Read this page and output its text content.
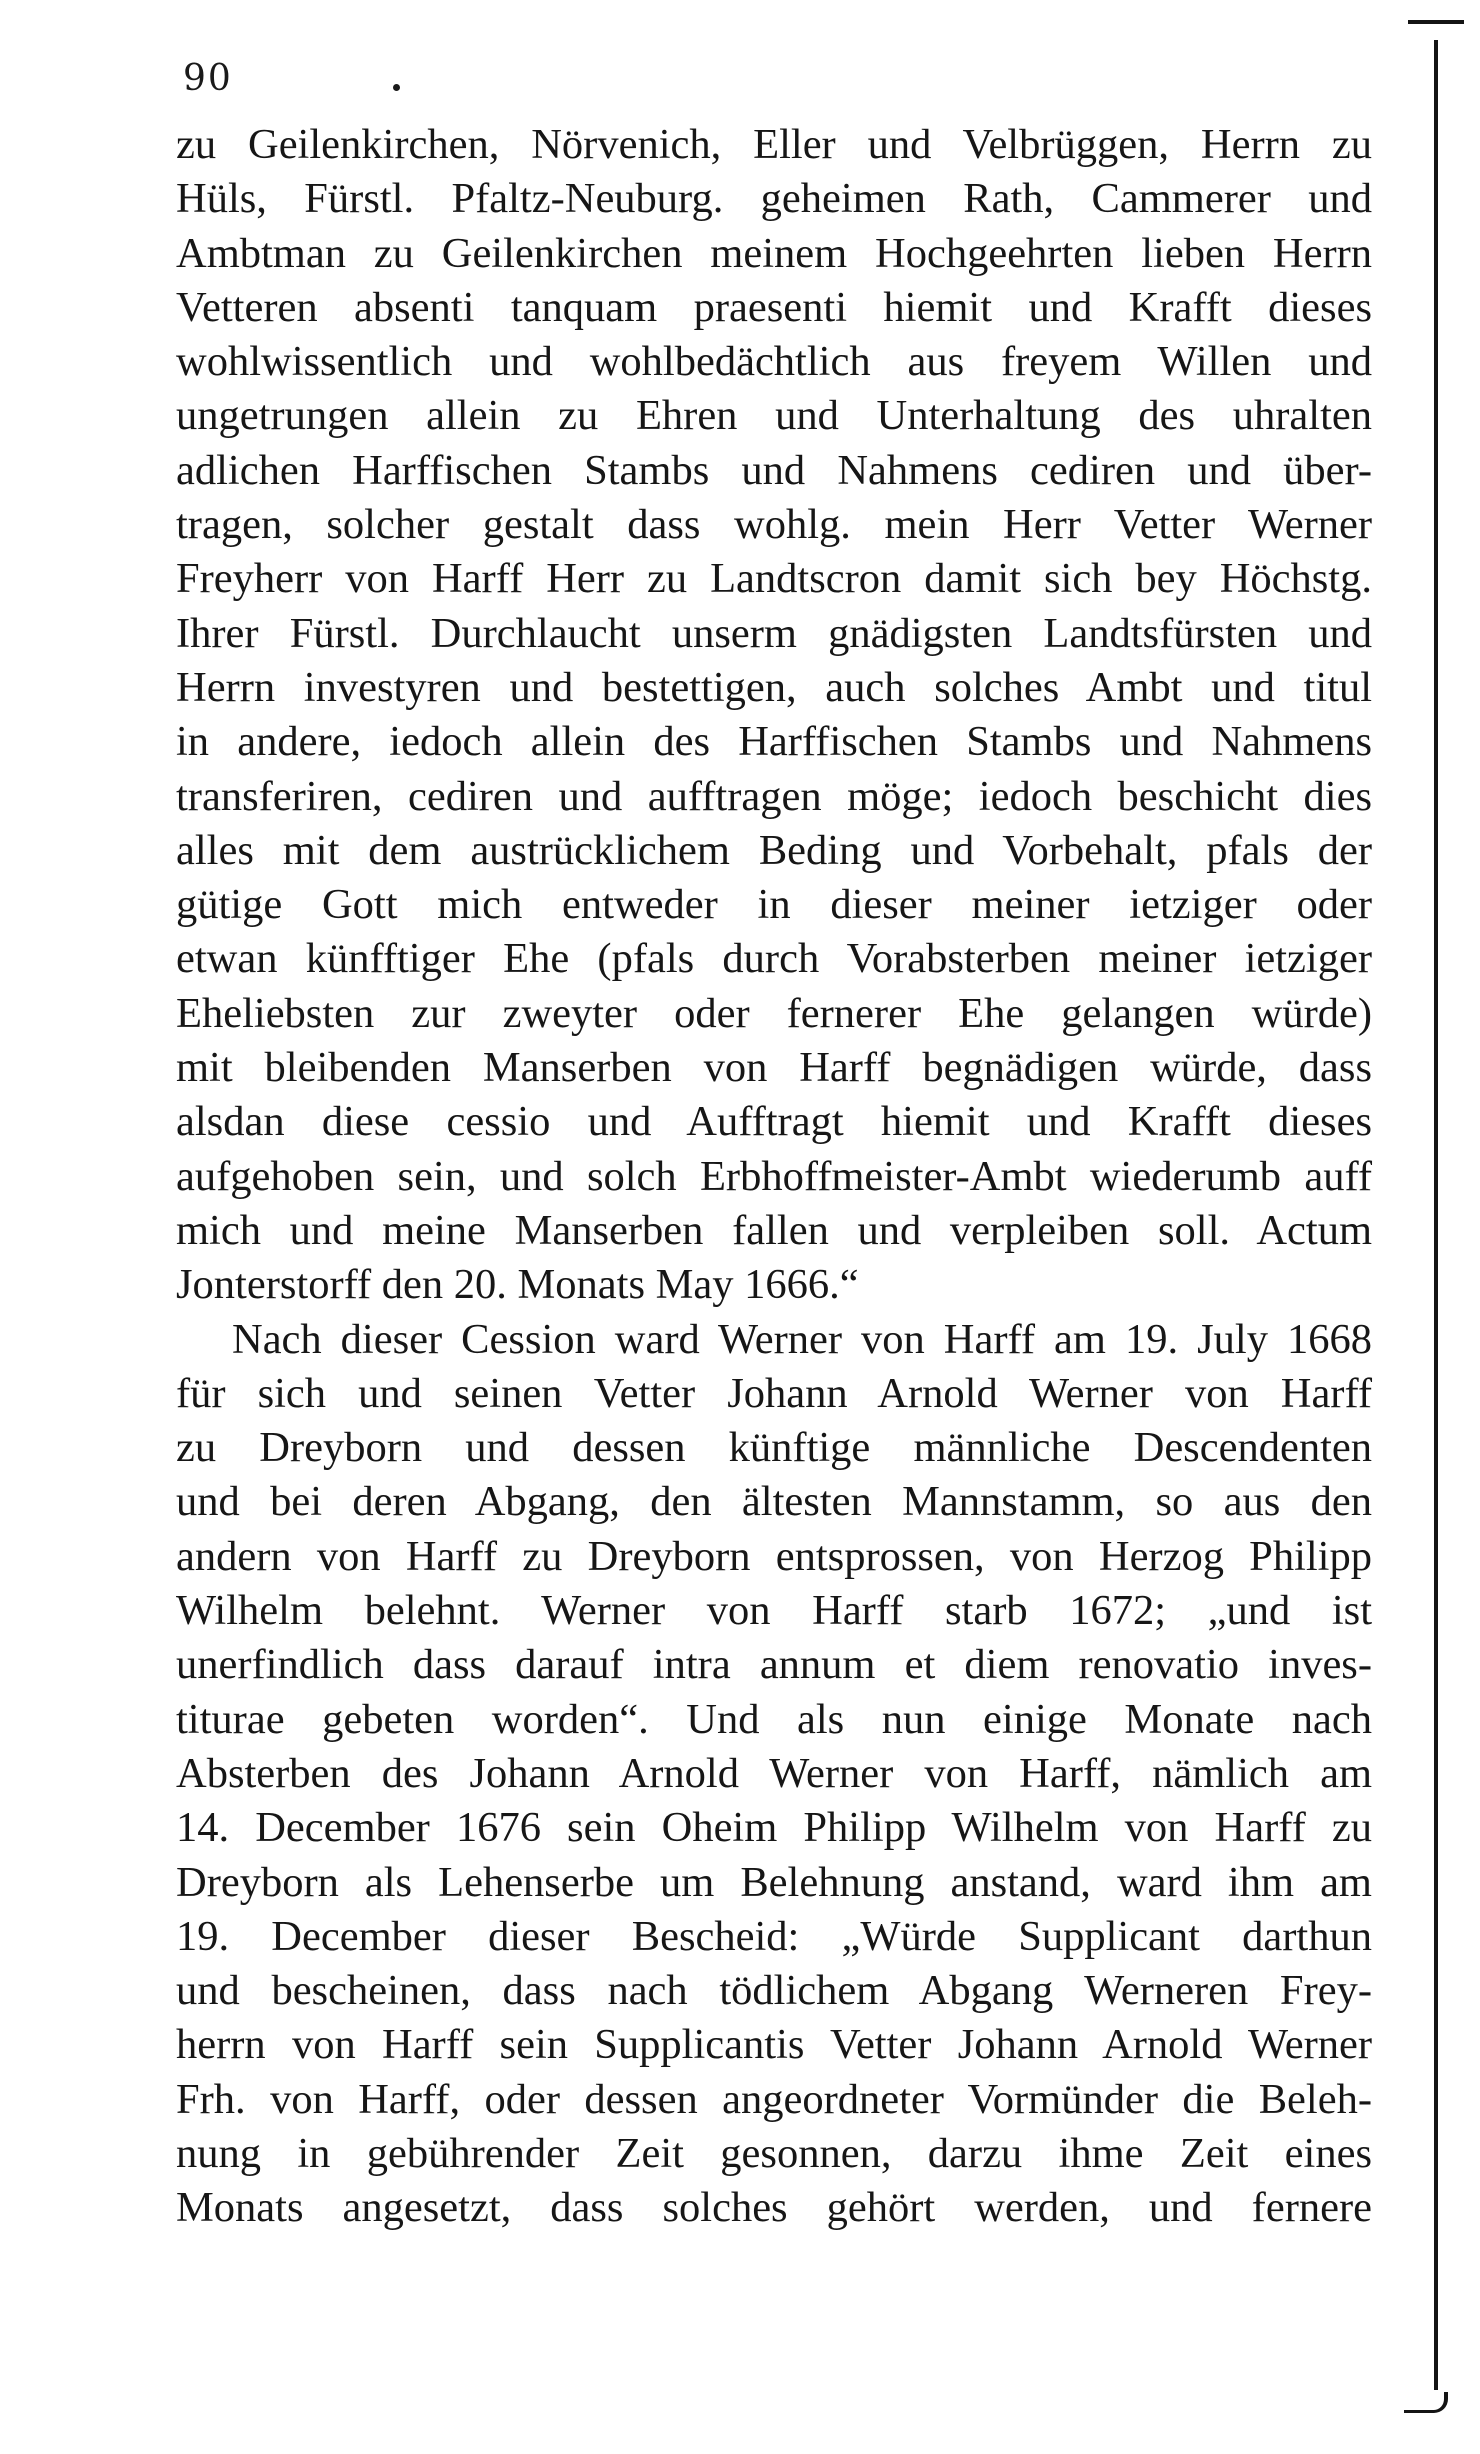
90
zu Geilenkirchen, Nörvenich, Eller und Velbrüggen, Herrn zu
Hüls, Fürstl. Pfaltz-Neuburg. geheimen Rath, Cammerer und
Ambtman zu Geilenkirchen meinem Hochgeehrten lieben Herrn
Vetteren absenti tanquam praesenti hiemit und Krafft dieses
wohlwissentlich und wohlbedächtlich aus freyem Willen und
ungetrungen allein zu Ehren und Unterhaltung des uhralten
adlichen Harffischen Stambs und Nahmens cediren und über-
tragen, solcher gestalt dass wohlg. mein Herr Vetter Werner
Freyherr von Harff Herr zu Landtscron damit sich bey Höchstg.
Ihrer Fürstl. Durchlaucht unserm gnädigsten Landtsfürsten und
Herrn investyren und bestettigen, auch solches Ambt und titul
in andere, iedoch allein des Harffischen Stambs und Nahmens
transferiren, cediren und aufftragen möge; iedoch beschicht dies
alles mit dem austrücklichem Beding und Vorbehalt, pfals der
gütige Gott mich entweder in dieser meiner ietziger oder
etwan künfftiger Ehe (pfals durch Vorabsterben meiner ietziger
Eheliebsten zur zweyter oder fernerer Ehe gelangen würde)
mit bleibenden Manserben von Harff begnädigen würde, dass
alsdan diese cessio und Aufftragt hiemit und Krafft dieses
aufgehoben sein, und solch Erbhoffmeister-Ambt wiederumb auff
mich und meine Manserben fallen und verpleiben soll. Actum
Jonterstorff den 20. Monats May 1666.“
Nach dieser Cession ward Werner von Harff am 19. July 1668
für sich und seinen Vetter Johann Arnold Werner von Harff
zu Dreyborn und dessen künftige männliche Descendenten
und bei deren Abgang, den ältesten Mannstamm, so aus den
andern von Harff zu Dreyborn entsprossen, von Herzog Philipp
Wilhelm belehnt. Werner von Harff starb 1672; „und ist
unerfindlich dass darauf intra annum et diem renovatio inves-
titurae gebeten worden“. Und als nun einige Monate nach
Absterben des Johann Arnold Werner von Harff, nämlich am
14. December 1676 sein Oheim Philipp Wilhelm von Harff zu
Dreyborn als Lehenserbe um Belehnung anstand, ward ihm am
19. December dieser Bescheid: „Würde Supplicant darthun
und bescheinen, dass nach tödlichem Abgang Werneren Frey-
herrn von Harff sein Supplicantis Vetter Johann Arnold Werner
Frh. von Harff, oder dessen angeordneter Vormünder die Beleh-
nung in gebührender Zeit gesonnen, darzu ihme Zeit eines
Monats angesetzt, dass solches gehört werden, und fernere
